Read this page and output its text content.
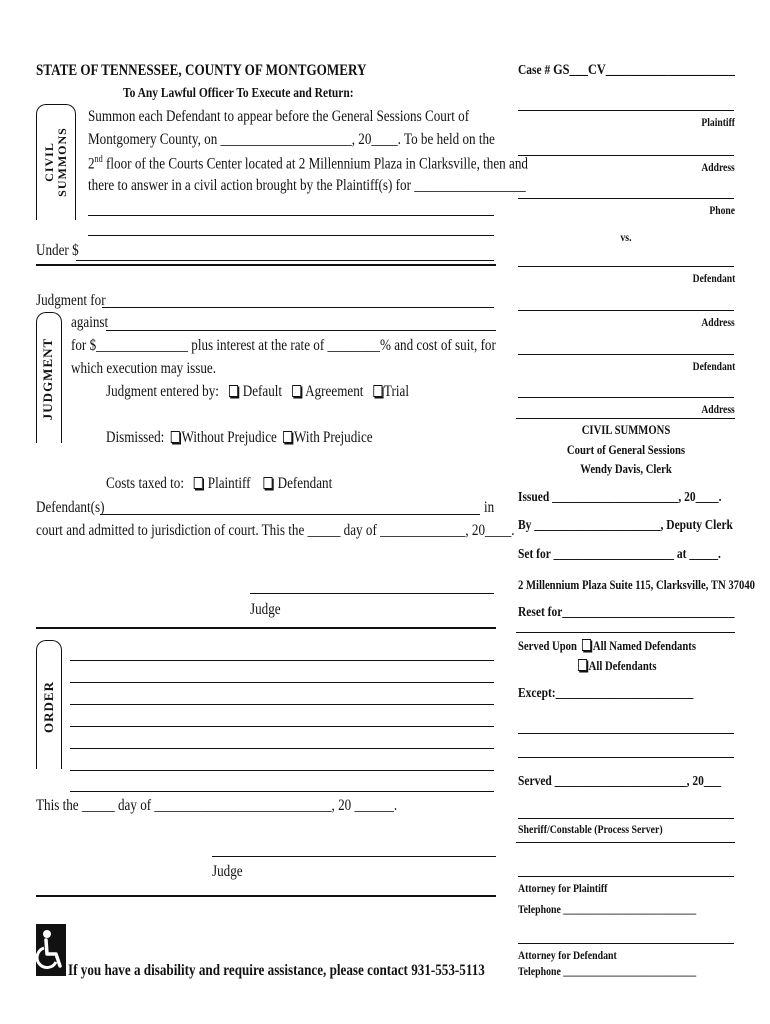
STATE OF TENNESSEE, COUNTY OF MONTGOMERY
To Any Lawful Officer To Execute and Return:
CIVIL SUMMONS
Summon each Defendant to appear before the General Sessions Court of
Montgomery County, on ____________________, 20____. To be held on the
2nd floor of the Courts Center located at 2 Millennium Plaza in Clarksville, then and
there to answer in a civil action brought by the Plaintiff(s) for _________________
Under $
Judgment for
JUDGMENT
against
for $______________ plus interest at the rate of ________% and cost of suit, for
which execution may issue.
Judgment entered by: Default Agreement Trial
Dismissed: Without Prejudice With Prejudice
Costs taxed to: Plaintiff Defendant
Defendant(s)	in
court and admitted to jurisdiction of court. This the _____ day of _____________, 20____.
Judge
ORDER
This the _____ day of ___________________________, 20 ______.
Judge
If you have a disability and require assistance, please contact 931-553-5113
Case # GS___CV_____________________
Plaintiff
Address
Phone
vs.
Defendant
Address
Defendant
Address
CIVIL SUMMONS
Court of General Sessions
Wendy Davis, Clerk
Issued ______________________, 20____.
By ______________________, Deputy Clerk
Set for _____________________ at _____.
2 Millennium Plaza Suite 115, Clarksville, TN 37040
Reset for______________________________
Served Upon All Named Defendants
All Defendants
Except:________________________
Served _______________________, 20___
Sheriff/Constable (Process Server)
Attorney for Plaintiff
Telephone ___________________________
Attorney for Defendant
Telephone ___________________________
